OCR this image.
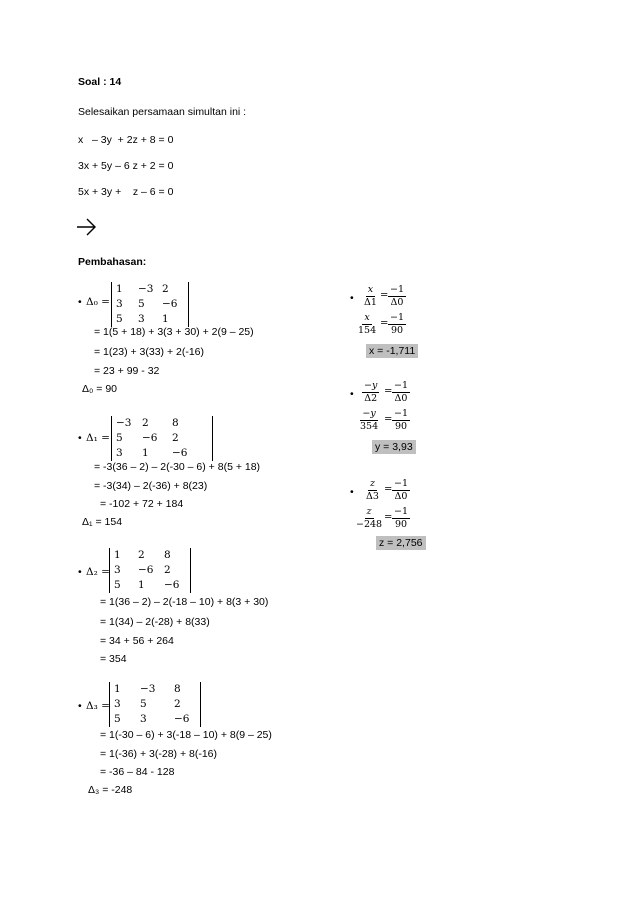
Soal : 14
Selesaikan persamaan simultan ini :
x   – 3y  + 2z + 8 = 0
3x + 5y – 6 z + 2 = 0
5x + 3y +    z – 6 = 0
Pembahasan:
• Δ₀ =
1	−3 2
3	5	−6
5	3	1
= 1(5 + 18) + 3(3 + 30) + 2(9 – 25)
= 1(23) + 3(33) + 2(-16)
= 23 + 99 - 32
Δ₀ = 90
• Δ₁ =
−3	2	8
5	−6	2
3	1	−6
= -3(36 – 2) – 2(-30 – 6) + 8(5 + 18)
= -3(34) – 2(-36) + 8(23)
= -102 + 72 + 184
Δ₁ = 154
• Δ₂ =
1	2	8
3	−6	2
5	1	−6
= 1(36 – 2) – 2(-18 – 10) + 8(3 + 30)
= 1(34) – 2(-28) + 8(33)
= 34 + 56 + 264
= 354
• Δ₃ =
1	−3	8
3	5	2
5	3	−6
= 1(-30 – 6) + 3(-18 – 10) + 8(9 – 25)
= 1(-36) + 3(-28) + 8(-16)
= -36 – 84 - 128
Δ₃ = -248
• $\frac{x}{\Delta 1} = \frac{-1}{\Delta 0}$
$\frac{x}{154} = \frac{-1}{90}$
x = -1,711
• $\frac{-y}{\Delta 2} = \frac{-1}{\Delta 0}$
$\frac{-y}{354} = \frac{-1}{90}$
y = 3,93
• $\frac{z}{\Delta 3} = \frac{-1}{\Delta 0}$
$\frac{z}{-248} = \frac{-1}{90}$
z = 2,756
